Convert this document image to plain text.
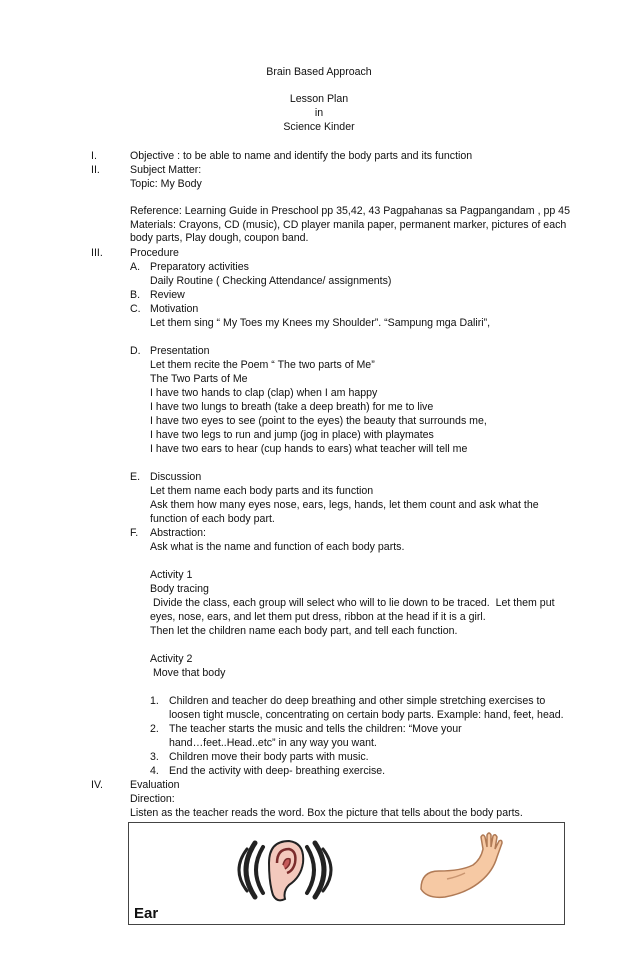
Brain Based Approach
Lesson Plan
in
Science Kinder
I.	Objective : to be able to name and identify the body parts and its function
II.	Subject Matter:
Topic: My Body
Reference: Learning Guide in Preschool pp 35,42, 43 Pagpahanas sa Pagpangandam , pp 45
Materials: Crayons, CD (music), CD player manila paper, permanent marker, pictures of each body parts, Play dough, coupon band.
III.	Procedure
A. Preparatory activities
Daily Routine ( Checking Attendance/ assignments)
B. Review
C. Motivation
Let them sing “ My Toes my Knees my Shoulder”. “Sampung mga Daliri”,
D. Presentation
Let them recite the Poem “ The two parts of Me”
The Two Parts of Me
I have two hands to clap (clap) when I am happy
I have two lungs to breath (take a deep breath) for me to live
I have two eyes to see (point to the eyes) the beauty that surrounds me,
I have two legs to run and jump (jog in place) with playmates
I have two ears to hear (cup hands to ears) what teacher will tell me
E. Discussion
Let them name each body parts and its function
Ask them how many eyes nose, ears, legs, hands, let them count and ask what the
function of each body part.
F. Abstraction:
Ask what is the name and function of each body parts.
Activity 1
Body tracing
Divide the class, each group will select who will to lie down to be traced.  Let them put
eyes, nose, ears, and let them put dress, ribbon at the head if it is a girl.
Then let the children name each body part, and tell each function.
Activity 2
Move that body
1. Children and teacher do deep breathing and other simple stretching exercises to
loosen tight muscle, concentrating on certain body parts. Example: hand, feet, head.
2. The teacher starts the music and tells the children: “Move your
hand…feet..Head..etc” in any way you want.
3. Children move their body parts with music.
4. End the activity with deep- breathing exercise.
IV.	Evaluation
Direction:
Listen as the teacher reads the word. Box the picture that tells about the body parts.
Ear
